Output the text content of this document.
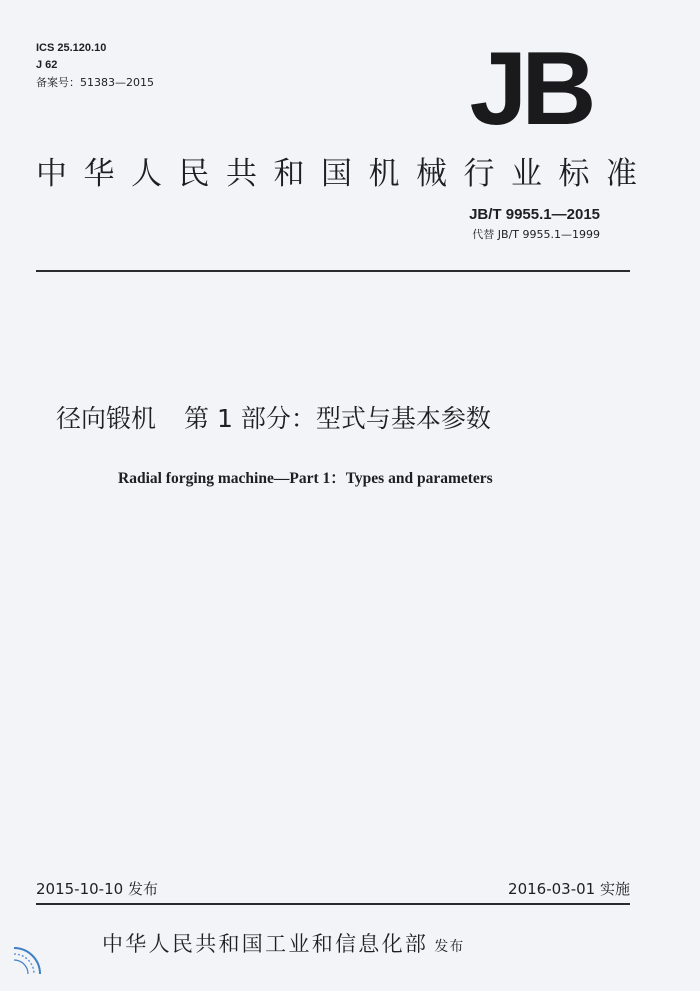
ICS 25.120.10
J 62
备案号：51383—2015	JB
中华人民共和国机械行业标准
JB/T 9955.1—2015
代替 JB/T 9955.1—1999
径向锻机 第 1 部分：型式与基本参数
Radial forging machine—Part 1：Types and parameters
2015-10-10 发布	2016-03-01 实施
中华人民共和国工业和信息化部 发布
